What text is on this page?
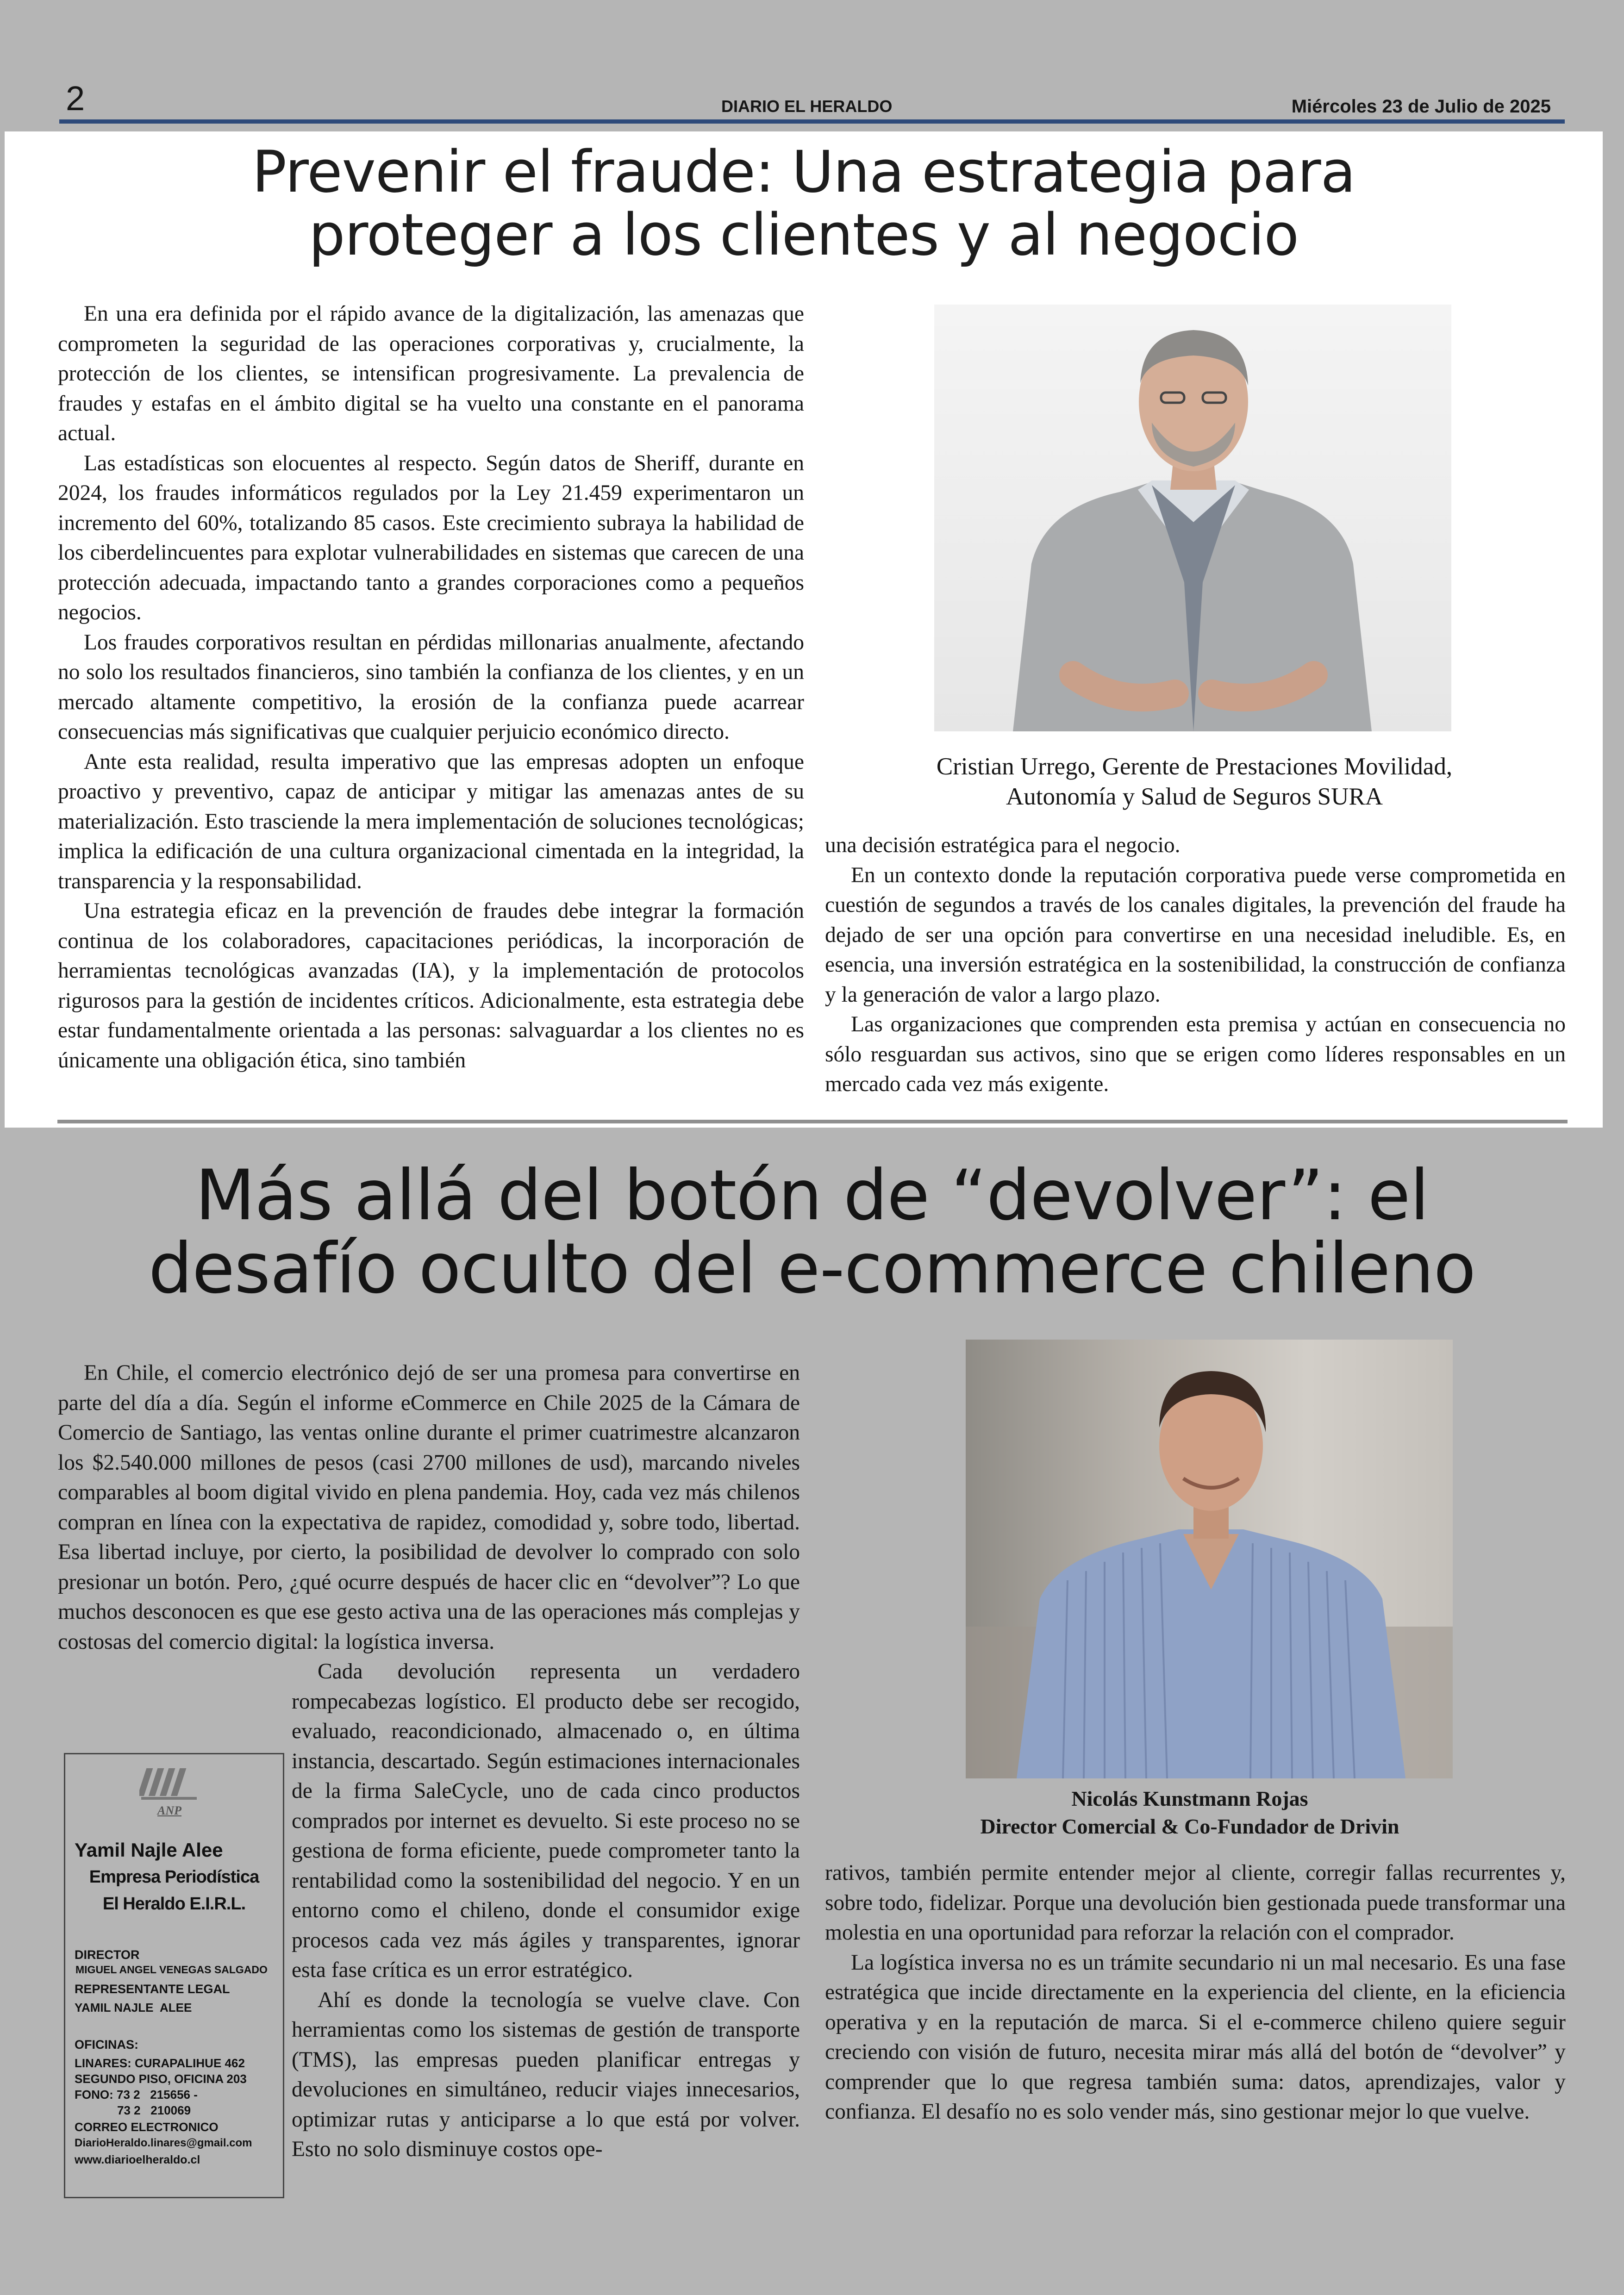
2	DIARIO EL HERALDO	Miércoles 23 de Julio de 2025
Prevenir el fraude: Una estrategia para
proteger a los clientes y al negocio

En una era definida por el rápido avance de la digitalización, las amenazas que comprometen la seguridad de las operaciones corporativas y, crucialmente, la protección de los clientes, se intensifican progresivamente. La prevalencia de fraudes y estafas en el ámbito digital se ha vuelto una constante en el panorama actual.

Las estadísticas son elocuentes al respecto. Según datos de Sheriff, durante en 2024, los fraudes informáticos regulados por la Ley 21.459 experimentaron un incremento del 60%, totalizando 85 casos. Este crecimiento subraya la habilidad de los ciberdelincuentes para explotar vulnerabilidades en sistemas que carecen de una protección adecuada, impactando tanto a grandes corporaciones como a pequeños negocios.

Los fraudes corporativos resultan en pérdidas millonarias anualmente, afectando no solo los resultados financieros, sino también la confianza de los clientes, y en un mercado altamente competitivo, la erosión de la confianza puede acarrear consecuencias más significativas que cualquier perjuicio económico directo.

Ante esta realidad, resulta imperativo que las empresas adopten un enfoque proactivo y preventivo, capaz de anticipar y mitigar las amenazas antes de su materialización. Esto trasciende la mera implementación de soluciones tecnológicas; implica la edificación de una cultura organizacional cimentada en la integridad, la transparencia y la responsabilidad.

Una estrategia eficaz en la prevención de fraudes debe integrar la formación continua de los colaboradores, capacitaciones periódicas, la incorporación de herramientas tecnológicas avanzadas (IA), y la implementación de protocolos rigurosos para la gestión de incidentes críticos. Adicionalmente, esta estrategia debe estar fundamentalmente orientada a las personas: salvaguardar a los clientes no es únicamente una obligación ética, sino también

Cristian Urrego, Gerente de Prestaciones Movilidad,
Autonomía y Salud de Seguros SURA

una decisión estratégica para el negocio.

En un contexto donde la reputación corporativa puede verse comprometida en cuestión de segundos a través de los canales digitales, la prevención del fraude ha dejado de ser una opción para convertirse en una necesidad ineludible. Es, en esencia, una inversión estratégica en la sostenibilidad, la construcción de confianza y la generación de valor a largo plazo.

Las organizaciones que comprenden esta premisa y actúan en consecuencia no sólo resguardan sus activos, sino que se erigen como líderes responsables en un mercado cada vez más exigente.

Más allá del botón de “devolver”: el
desafío oculto del e-commerce chileno

En Chile, el comercio electrónico dejó de ser una promesa para convertirse en parte del día a día. Según el informe eCommerce en Chile 2025 de la Cámara de Comercio de Santiago, las ventas online durante el primer cuatrimestre alcanzaron los $2.540.000 millones de pesos (casi 2700 millones de usd), marcando niveles comparables al boom digital vivido en plena pandemia. Hoy, cada vez más chilenos compran en línea con la expectativa de rapidez, comodidad y, sobre todo, libertad. Esa libertad incluye, por cierto, la posibilidad de devolver lo comprado con solo presionar un botón. Pero, ¿qué ocurre después de hacer clic en “devolver”? Lo que muchos desconocen es que ese gesto activa una de las operaciones más complejas y costosas del comercio digital: la logística inversa.

Cada devolución representa un verdadero rompecabezas logístico. El producto debe ser recogido, evaluado, reacondicionado, almacenado o, en última instancia, descartado. Según estimaciones internacionales de la firma SaleCycle, uno de cada cinco productos comprados por internet es devuelto. Si este proceso no se gestiona de forma eficiente, puede comprometer tanto la rentabilidad como la sostenibilidad del negocio. Y en un entorno como el chileno, donde el consumidor exige procesos cada vez más ágiles y transparentes, ignorar esta fase crítica es un error estratégico.

Ahí es donde la tecnología se vuelve clave. Con herramientas como los sistemas de gestión de transporte (TMS), las empresas pueden planificar entregas y devoluciones en simultáneo, reducir viajes innecesarios, optimizar rutas y anticiparse a lo que está por volver. Esto no solo disminuye costos ope-

Nicolás Kunstmann Rojas
Director Comercial & Co-Fundador de Drivin

rativos, también permite entender mejor al cliente, corregir fallas recurrentes y, sobre todo, fidelizar. Porque una devolución bien gestionada puede transformar una molestia en una oportunidad para reforzar la relación con el comprador.

La logística inversa no es un trámite secundario ni un mal necesario. Es una fase estratégica que incide directamente en la experiencia del cliente, en la eficiencia operativa y en la reputación de marca. Si el e-commerce chileno quiere seguir creciendo con visión de futuro, necesita mirar más allá del botón de “devolver” y comprender que lo que regresa también suma: datos, aprendizajes, valor y confianza. El desafío no es solo vender más, sino gestionar mejor lo que vuelve.

ANP
Yamil Najle Alee
Empresa Periodística
El Heraldo E.I.R.L.
DIRECTOR
MIGUEL ANGEL VENEGAS SALGADO
REPRESENTANTE LEGAL
YAMIL NAJLE  ALEE
OFICINAS:
LINARES: CURAPALIHUE 462
SEGUNDO PISO, OFICINA 203
FONO: 73 2   215656 -
73 2   210069
CORREO ELECTRONICO
DiarioHeraldo.linares@gmail.com
www.diarioelheraldo.cl
